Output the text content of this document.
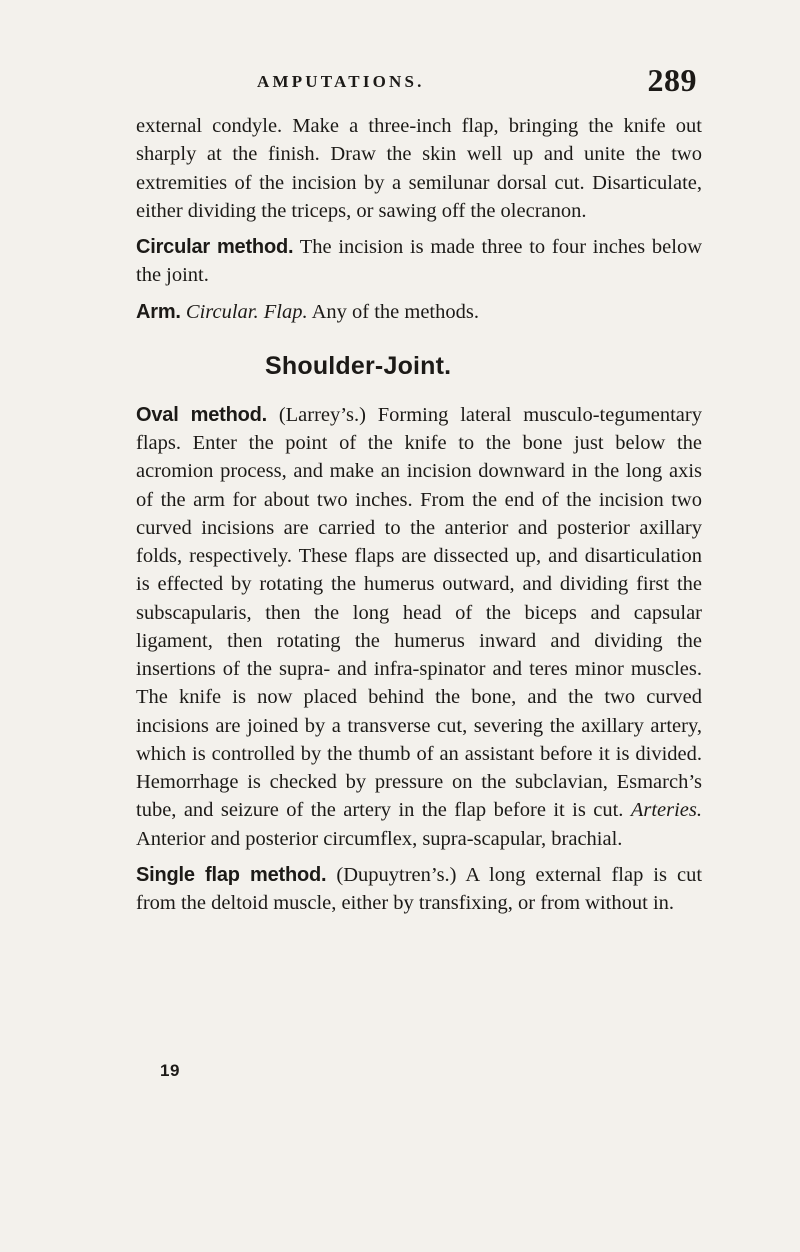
AMPUTATIONS.	289

external condyle. Make a three-inch flap, bringing the knife out sharply at the finish. Draw the skin well up and unite the two extremities of the incision by a semilunar dorsal cut. Disarticulate, either dividing the triceps, or sawing off the olecranon.

Circular method. The incision is made three to four inches below the joint.

Arm. Circular. Flap. Any of the methods.

Shoulder-Joint.

Oval method. (Larrey’s.) Forming lateral musculo-tegumentary flaps. Enter the point of the knife to the bone just below the acromion process, and make an incision downward in the long axis of the arm for about two inches. From the end of the incision two curved incisions are carried to the anterior and posterior axillary folds, respectively. These flaps are dissected up, and disarticulation is effected by rotating the humerus outward, and dividing first the subscapularis, then the long head of the biceps and capsular ligament, then rotating the humerus inward and dividing the insertions of the supra- and infra-spinator and teres minor muscles. The knife is now placed behind the bone, and the two curved incisions are joined by a transverse cut, severing the axillary artery, which is controlled by the thumb of an assistant before it is divided. Hemorrhage is checked by pressure on the subclavian, Esmarch’s tube, and seizure of the artery in the flap before it is cut. Arteries. Anterior and posterior circumflex, supra-scapular, brachial.

Single flap method. (Dupuytren’s.) A long external flap is cut from the deltoid muscle, either by transfixing, or from without in.

19
